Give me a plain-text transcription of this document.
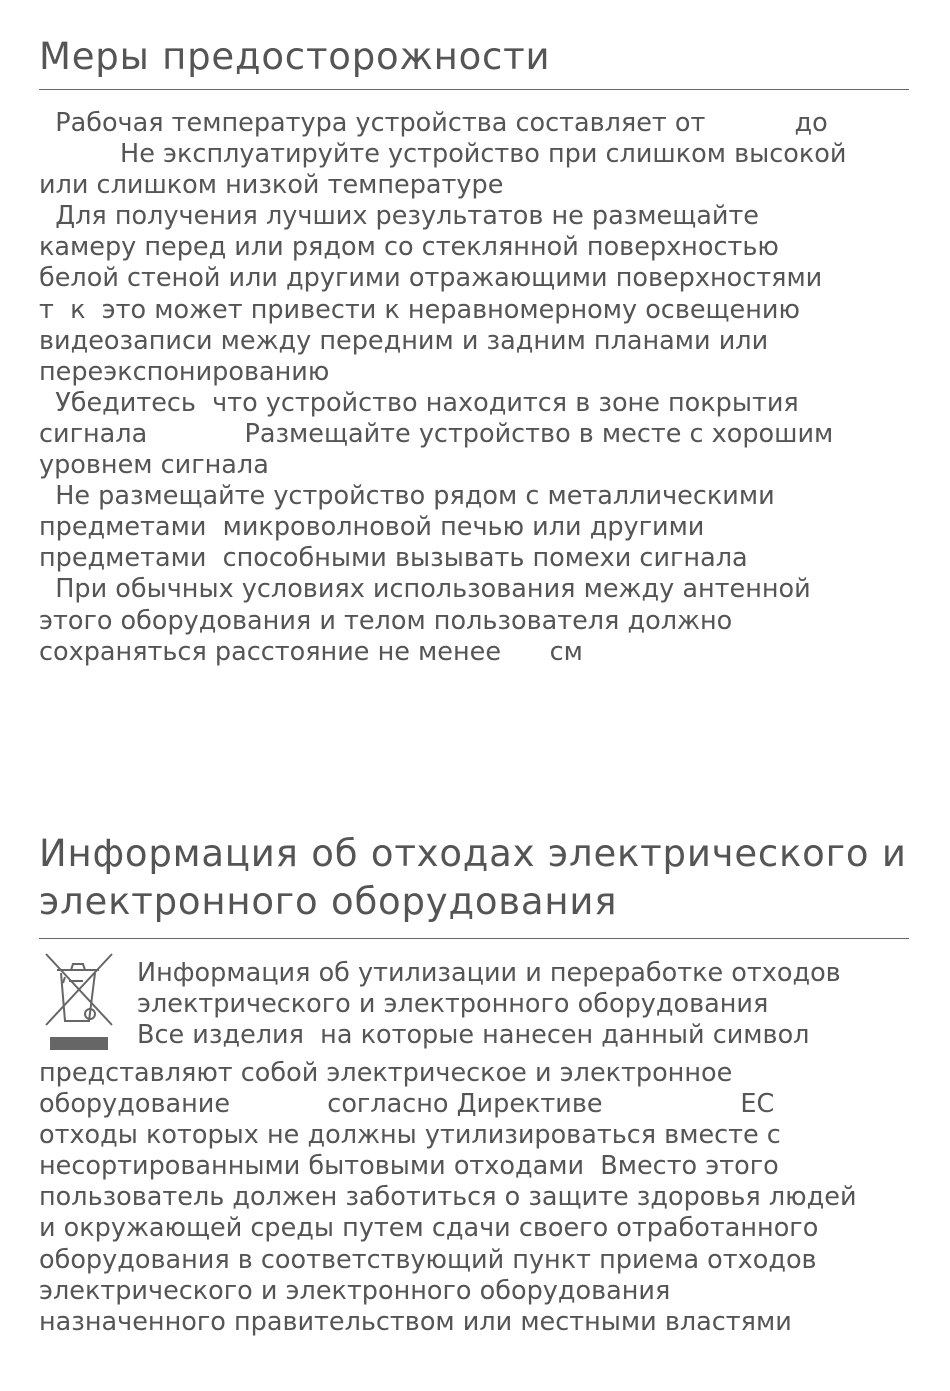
Меры предосторожности
Рабочая температура устройства составляет от           до
Не эксплуатируйте устройство при слишком высокой
или слишком низкой температуре
Для получения лучших результатов не размещайте
камеру перед или рядом со стеклянной поверхностью
белой стеной или другими отражающими поверхностями
т  к  это может привести к неравномерному освещению
видеозаписи между передним и задним планами или
переэкспонированию
Убедитесь  что устройство находится в зоне покрытия
сигнала            Размещайте устройство в месте с хорошим
уровнем сигнала
Не размещайте устройство рядом с металлическими
предметами  микроволновой печью или другими
предметами  способными вызывать помехи сигнала
При обычных условиях использования между антенной
этого оборудования и телом пользователя должно
сохраняться расстояние не менее      см
Информация об отходах электрического и
электронного оборудования
Информация об утилизации и переработке отходов
электрического и электронного оборудования
Все изделия  на которые нанесен данный символ
представляют собой электрическое и электронное
оборудование            согласно Директиве                 ЕС
отходы которых не должны утилизироваться вместе с
несортированными бытовыми отходами  Вместо этого
пользователь должен заботиться о защите здоровья людей
и окружающей среды путем сдачи своего отработанного
оборудования в соответствующий пункт приема отходов
электрического и электронного оборудования
назначенного правительством или местными властями
